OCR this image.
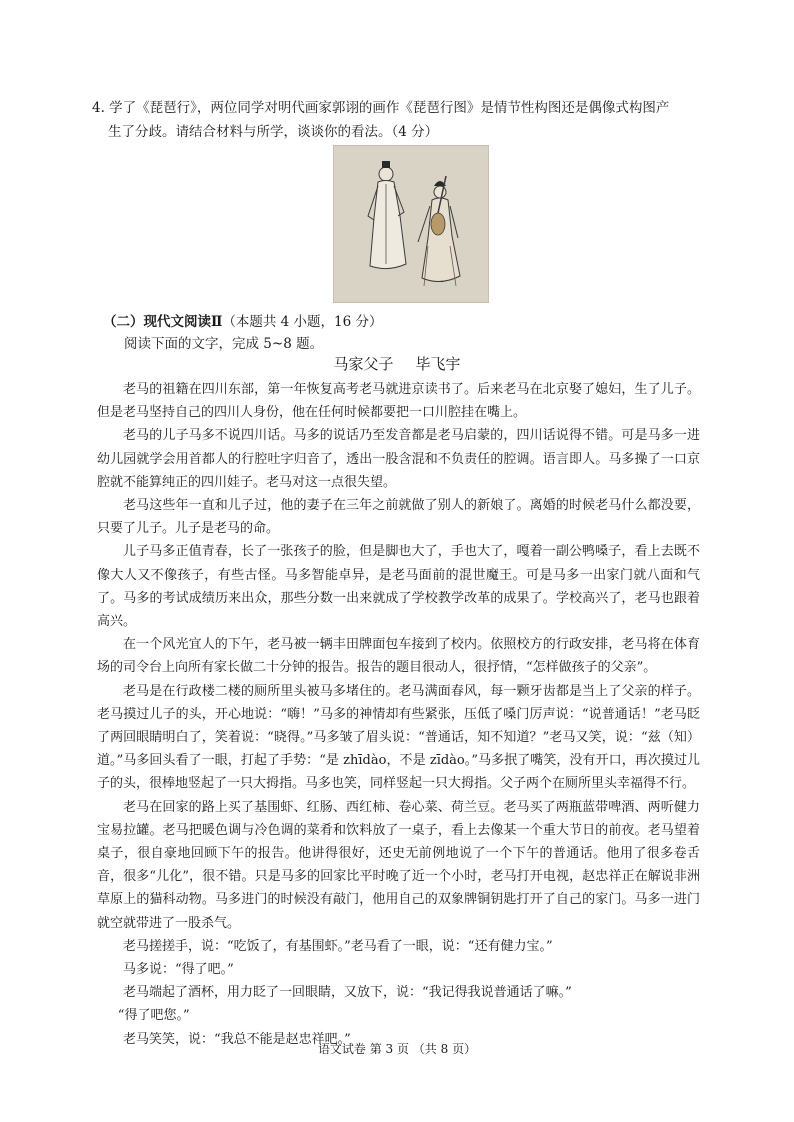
4. 学了《琵琶行》，两位同学对明代画家郭诩的画作《琵琶行图》是情节性构图还是偶像式构图产
生了分歧。请结合材料与所学，谈谈你的看法。（4 分）
（二）现代文阅读Ⅱ（本题共 4 小题，16 分）
阅读下面的文字，完成 5~8 题。
马家父子 毕飞宇

老马的祖籍在四川东部，第一年恢复高考老马就进京读书了。后来老马在北京娶了媳妇，生了儿子。但是老马坚持自己的四川人身份，他在任何时候都要把一口川腔挂在嘴上。

老马的儿子马多不说四川话。马多的说话乃至发音都是老马启蒙的，四川话说得不错。可是马多一进幼儿园就学会用首都人的行腔吐字归音了，透出一股含混和不负责任的腔调。语言即人。马多操了一口京腔就不能算纯正的四川娃子。老马对这一点很失望。

老马这些年一直和儿子过，他的妻子在三年之前就做了别人的新娘了。离婚的时候老马什么都没要，只要了儿子。儿子是老马的命。

儿子马多正值青春，长了一张孩子的脸，但是脚也大了，手也大了，嘎着一副公鸭嗓子，看上去既不像大人又不像孩子，有些古怪。马多智能卓异，是老马面前的混世魔王。可是马多一出家门就八面和气了。马多的考试成绩历来出众，那些分数一出来就成了学校教学改革的成果了。学校高兴了，老马也跟着高兴。

在一个风光宜人的下午，老马被一辆丰田牌面包车接到了校内。依照校方的行政安排，老马将在体育场的司令台上向所有家长做二十分钟的报告。报告的题目很动人，很抒情，“怎样做孩子的父亲”。

老马是在行政楼二楼的厕所里头被马多堵住的。老马满面春风，每一颗牙齿都是当上了父亲的样子。老马摸过儿子的头，开心地说：“嗨！”马多的神情却有些紧张，压低了嗓门厉声说：“说普通话！”老马眨了两回眼睛明白了，笑着说：“晓得。”马多皱了眉头说：“普通话，知不知道？”老马又笑，说：“兹（知）道。”马多回头看了一眼，打起了手势：“是 zhīdào，不是 zīdào。”马多抿了嘴笑，没有开口，再次摸过儿子的头，很棒地竖起了一只大拇指。马多也笑，同样竖起一只大拇指。父子两个在厕所里头幸福得不行。

老马在回家的路上买了基围虾、红肠、西红柿、卷心菜、荷兰豆。老马买了两瓶蓝带啤酒、两听健力宝易拉罐。老马把暖色调与冷色调的菜肴和饮料放了一桌子，看上去像某一个重大节日的前夜。老马望着桌子，很自豪地回顾下午的报告。他讲得很好，还史无前例地说了一个下午的普通话。他用了很多卷舌音，很多“儿化”，很不错。只是马多的回家比平时晚了近一个小时，老马打开电视，赵忠祥正在解说非洲草原上的猫科动物。马多进门的时候没有敲门，他用自己的双象牌铜钥匙打开了自己的家门。马多一进门就空就带进了一股杀气。

老马搓搓手，说：“吃饭了，有基围虾。”老马看了一眼，说：“还有健力宝。”

马多说：“得了吧。”

老马端起了酒杯，用力眨了一回眼睛，又放下，说：“我记得我说普通话了嘛。”

“得了吧您。”

老马笑笑，说：“我总不能是赵忠祥吧。”

语文试卷 第 3 页 （共 8 页）
